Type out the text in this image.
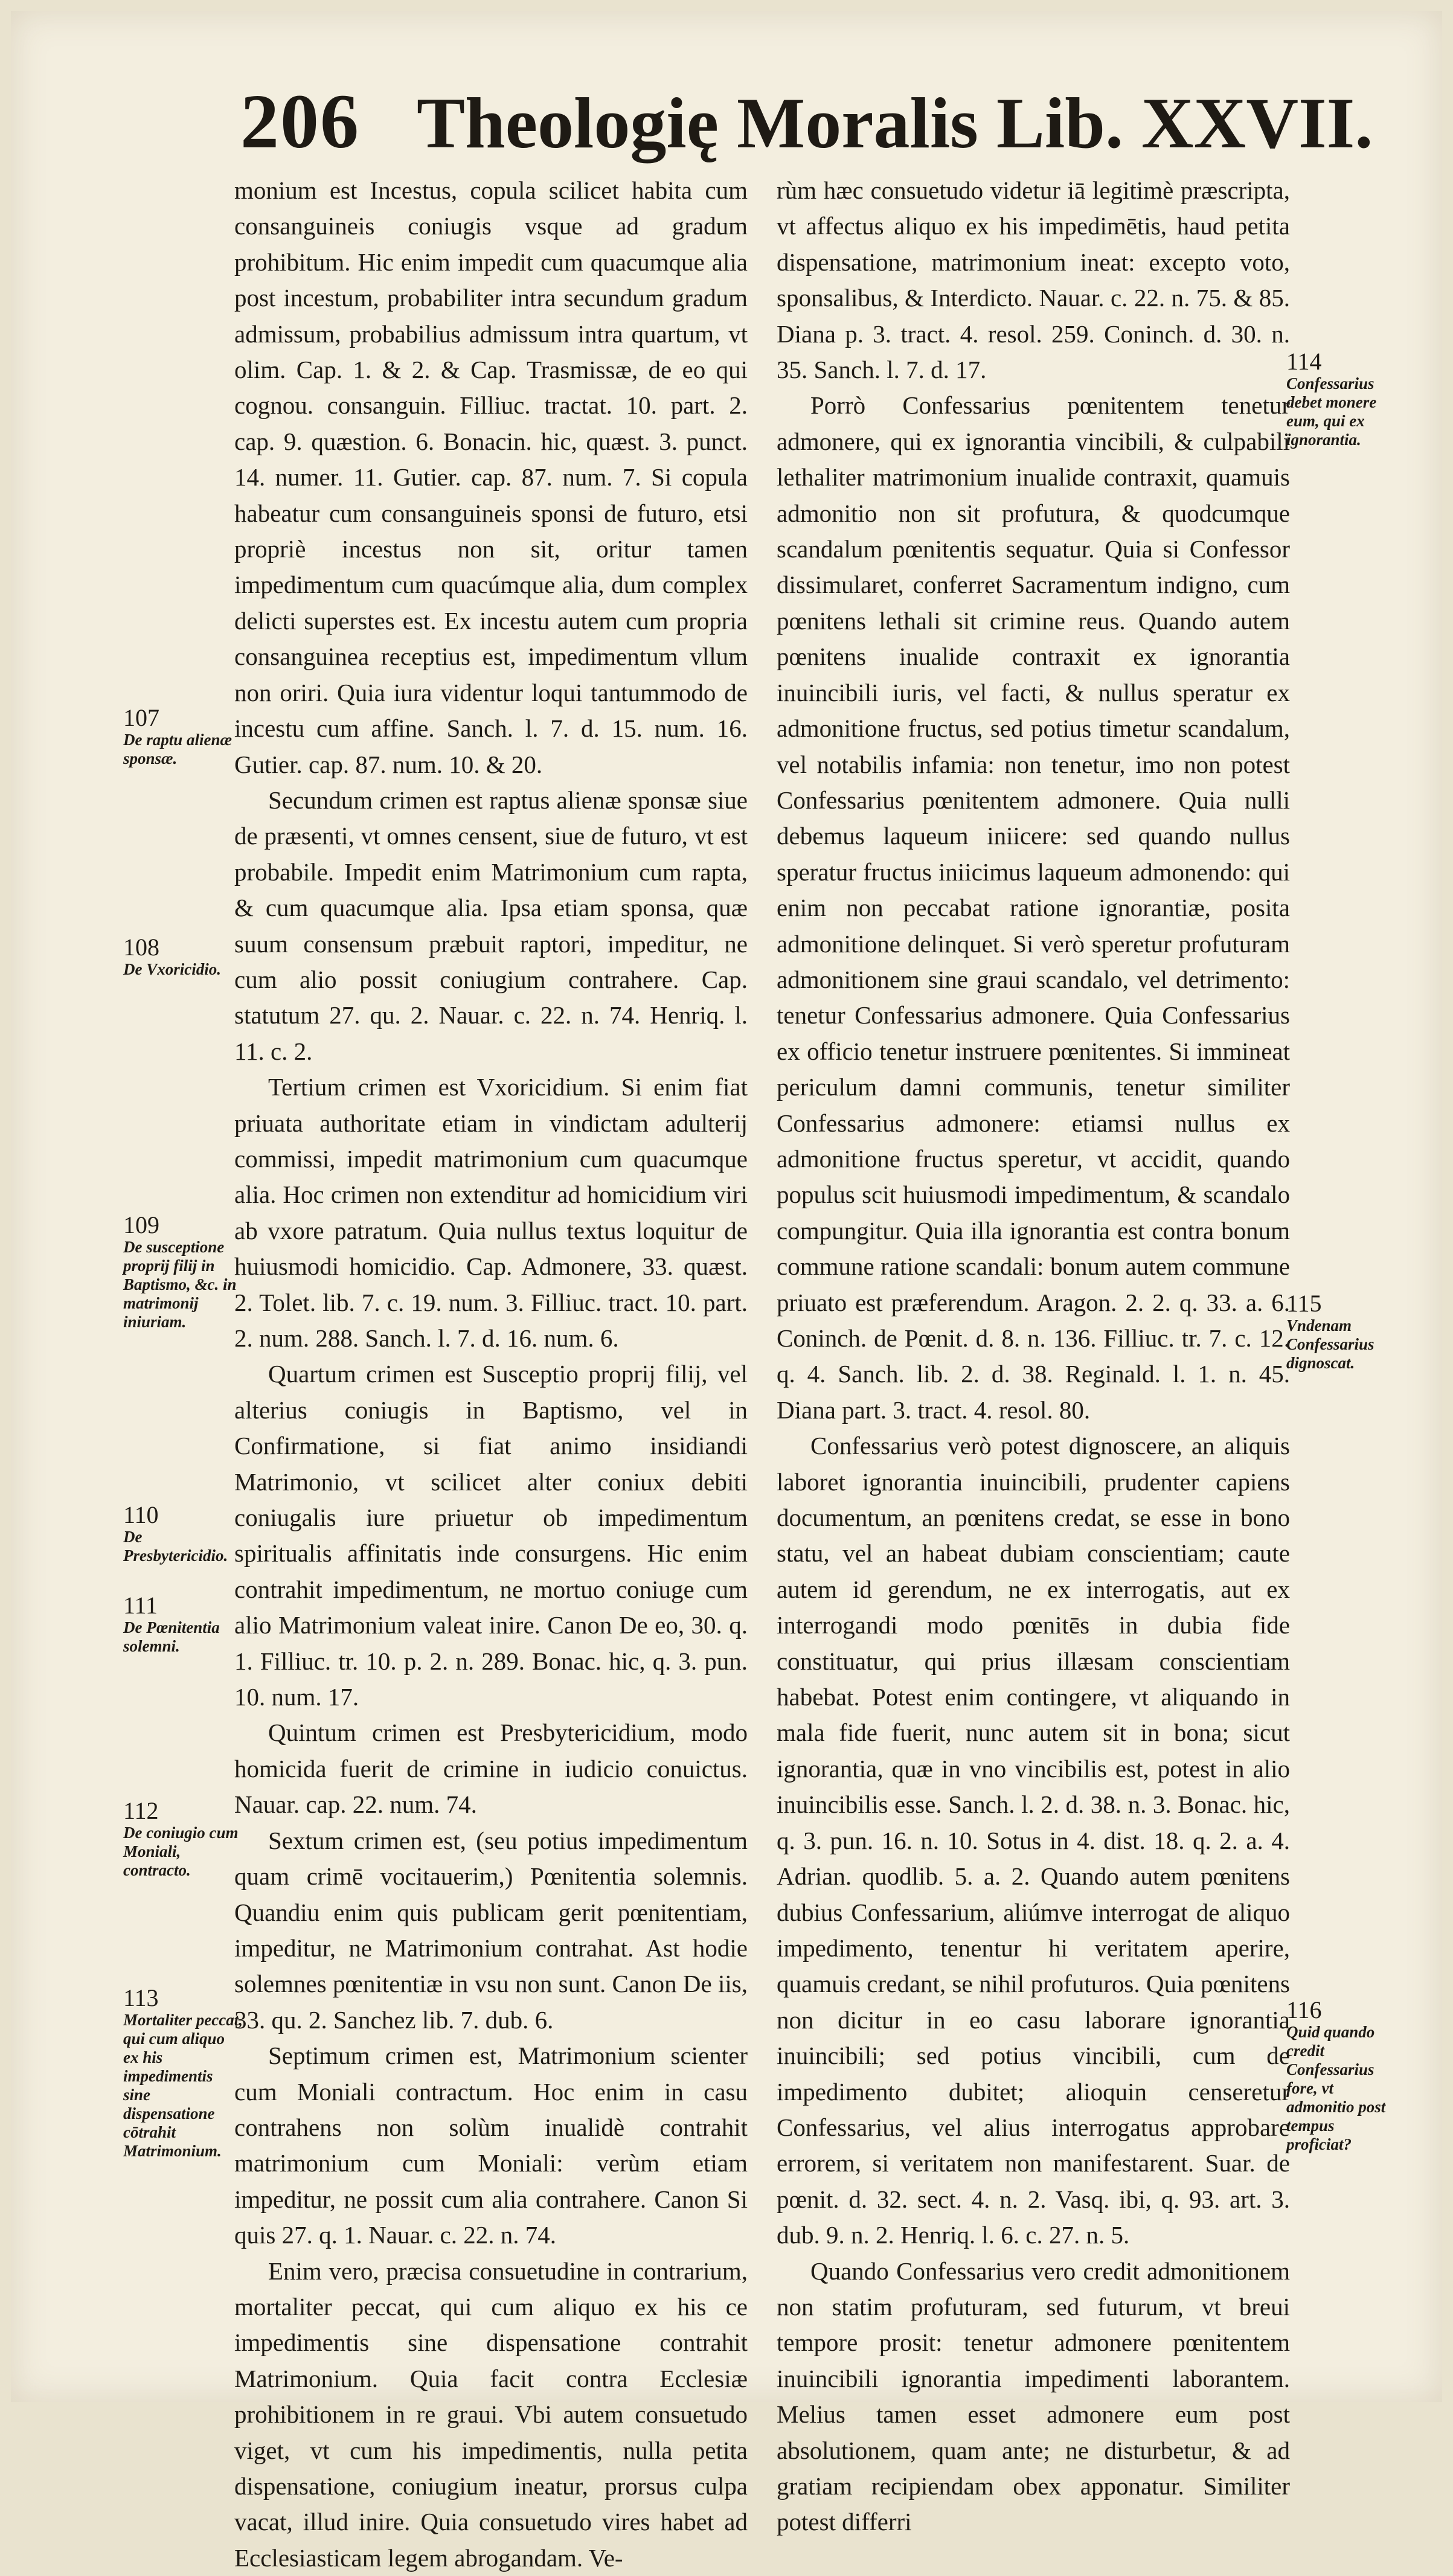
206 Theologię Moralis Lib. XXVII.

monium est Incestus, copula scilicet habita cum consanguineis coniugis vsque ad gradum prohibitum. Hic enim impedit cum quacumque alia post incestum, probabiliter intra secundum gradum admissum, probabilius admissum intra quartum, vt olim. Cap. 1. & 2. & Cap. Trasmissæ, de eo qui cognou. consanguin. Filliuc. tractat. 10. part. 2. cap. 9. quæstion. 6. Bonacin. hic, quæst. 3. punct. 14. numer. 11. Gutier. cap. 87. num. 7. Si copula habeatur cum consanguineis sponsi de futuro, etsi propriè incestus non sit, oritur tamen impedimentum cum quacúmque alia, dum complex delicti superstes est. Ex incestu autem cum propria consanguinea receptius est, impedimentum vllum non oriri. Quia iura videntur loqui tantummodo de incestu cum affine. Sanch. l. 7. d. 15. num. 16. Gutier. cap. 87. num. 10. & 20.

Secundum crimen est raptus alienæ sponsæ siue de præsenti, vt omnes censent, siue de futuro, vt est probabile. Impedit enim Matrimonium cum rapta, & cum quacumque alia. Ipsa etiam sponsa, quæ suum consensum præbuit raptori, impeditur, ne cum alio possit coniugium contrahere. Cap. statutum 27. qu. 2. Nauar. c. 22. n. 74. Henriq. l. 11. c. 2.

Tertium crimen est Vxoricidium. Si enim fiat priuata authoritate etiam in vindictam adulterij commissi, impedit matrimonium cum quacumque alia. Hoc crimen non extenditur ad homicidium viri ab vxore patratum. Quia nullus textus loquitur de huiusmodi homicidio. Cap. Admonere, 33. quæst. 2. Tolet. lib. 7. c. 19. num. 3. Filliuc. tract. 10. part. 2. num. 288. Sanch. l. 7. d. 16. num. 6.

Quartum crimen est Susceptio proprij filij, vel alterius coniugis in Baptismo, vel in Confirmatione, si fiat animo insidiandi Matrimonio, vt scilicet alter coniux debiti coniugalis iure priuetur ob impedimentum spiritualis affinitatis inde consurgens. Hic enim contrahit impedimentum, ne mortuo coniuge cum alio Matrimonium valeat inire. Canon De eo, 30. q. 1. Filliuc. tr. 10. p. 2. n. 289. Bonac. hic, q. 3. pun. 10. num. 17.

Quintum crimen est Presbytericidium, modo homicida fuerit de crimine in iudicio conuictus. Nauar. cap. 22. num. 74.

Sextum crimen est, (seu potius impedimentum quam crimē vocitauerim,) Pœnitentia solemnis. Quandiu enim quis publicam gerit pœnitentiam, impeditur, ne Matrimonium contrahat. Ast hodie solemnes pœnitentiæ in vsu non sunt. Canon De iis, 33. qu. 2. Sanchez lib. 7. dub. 6.

Septimum crimen est, Matrimonium scienter cum Moniali contractum. Hoc enim in casu contrahens non solùm inualidè contrahit matrimonium cum Moniali: verùm etiam impeditur, ne possit cum alia contrahere. Canon Si quis 27. q. 1. Nauar. c. 22. n. 74.

Enim vero, præcisa consuetudine in contrarium, mortaliter peccat, qui cum aliquo ex his ce impedimentis sine dispensatione contrahit Matrimonium. Quia facit contra Ecclesiæ prohibitionem in re graui. Vbi autem consuetudo viget, vt cum his impedimentis, nulla petita dispensatione, coniugium ineatur, prorsus culpa vacat, illud inire. Quia consuetudo vires habet ad Ecclesiasticam legem abrogandam. Ve-

rùm hæc consuetudo videtur iā legitimè præscripta, vt affectus aliquo ex his impedimētis, haud petita dispensatione, matrimonium ineat: excepto voto, sponsalibus, & Interdicto. Nauar. c. 22. n. 75. & 85. Diana p. 3. tract. 4. resol. 259. Coninch. d. 30. n. 35. Sanch. l. 7. d. 17.

Porrò Confessarius pœnitentem tenetur admonere, qui ex ignorantia vincibili, & culpabili lethaliter matrimonium inualide contraxit, quamuis admonitio non sit profutura, & quodcumque scandalum pœnitentis sequatur. Quia si Confessor dissimularet, conferret Sacramentum indigno, cum pœnitens lethali sit crimine reus. Quando autem pœnitens inualide contraxit ex ignorantia inuincibili iuris, vel facti, & nullus speratur ex admonitione fructus, sed potius timetur scandalum, vel notabilis infamia: non tenetur, imo non potest Confessarius pœnitentem admonere. Quia nulli debemus laqueum iniicere: sed quando nullus speratur fructus iniicimus laqueum admonendo: qui enim non peccabat ratione ignorantiæ, posita admonitione delinquet. Si verò speretur profuturam admonitionem sine graui scandalo, vel detrimento: tenetur Confessarius admonere. Quia Confessarius ex officio tenetur instruere pœnitentes. Si immineat periculum damni communis, tenetur similiter Confessarius admonere: etiamsi nullus ex admonitione fructus speretur, vt accidit, quando populus scit huiusmodi impedimentum, & scandalo compungitur. Quia illa ignorantia est contra bonum commune ratione scandali: bonum autem commune priuato est præferendum. Aragon. 2. 2. q. 33. a. 6. Coninch. de Pœnit. d. 8. n. 136. Filliuc. tr. 7. c. 12. q. 4. Sanch. lib. 2. d. 38. Reginald. l. 1. n. 45. Diana part. 3. tract. 4. resol. 80.

Confessarius verò potest dignoscere, an aliquis laboret ignorantia inuincibili, prudenter capiens documentum, an pœnitens credat, se esse in bono statu, vel an habeat dubiam conscientiam; caute autem id gerendum, ne ex interrogatis, aut ex interrogandi modo pœnitēs in dubia fide constituatur, qui prius illæsam conscientiam habebat. Potest enim contingere, vt aliquando in mala fide fuerit, nunc autem sit in bona; sicut ignorantia, quæ in vno vincibilis est, potest in alio inuincibilis esse. Sanch. l. 2. d. 38. n. 3. Bonac. hic, q. 3. pun. 16. n. 10. Sotus in 4. dist. 18. q. 2. a. 4. Adrian. quodlib. 5. a. 2. Quando autem pœnitens dubius Confessarium, aliúmve interrogat de aliquo impedimento, tenentur hi veritatem aperire, quamuis credant, se nihil profuturos. Quia pœnitens non dicitur in eo casu laborare ignorantia inuincibili; sed potius vincibili, cum de impedimento dubitet; alioquin censeretur Confessarius, vel alius interrogatus approbare errorem, si veritatem non manifestarent. Suar. de pœnit. d. 32. sect. 4. n. 2. Vasq. ibi, q. 93. art. 3. dub. 9. n. 2. Henriq. l. 6. c. 27. n. 5.

Quando Confessarius vero credit admonitionem non statim profuturam, sed futurum, vt breui tempore prosit: tenetur admonere pœnitentem inuincibili ignorantia impedimenti laborantem. Melius tamen esset admonere eum post absolutionem, quam ante; ne disturbetur, & ad gratiam recipiendam obex apponatur. Similiter potest differri

107
De raptu alienæ sponsæ.
108
De Vxoricidio.
109
De susceptione proprij filij in Baptismo, &c. in matrimonij iniuriam.
110
De Presbytericidio.
111
De Pœnitentia solemni.
112
De coniugio cum Moniali, contracto.
113
Mortaliter peccat, qui cum aliquo ex his impedimentis sine dispensatione cōtrahit Matrimonium.
114
Confessarius debet monere eum, qui ex ignorantia.
115
Vndenam Confessarius dignoscat.
116
Quid quando credit Confessarius fore, vt admonitio post tempus proficiat?
